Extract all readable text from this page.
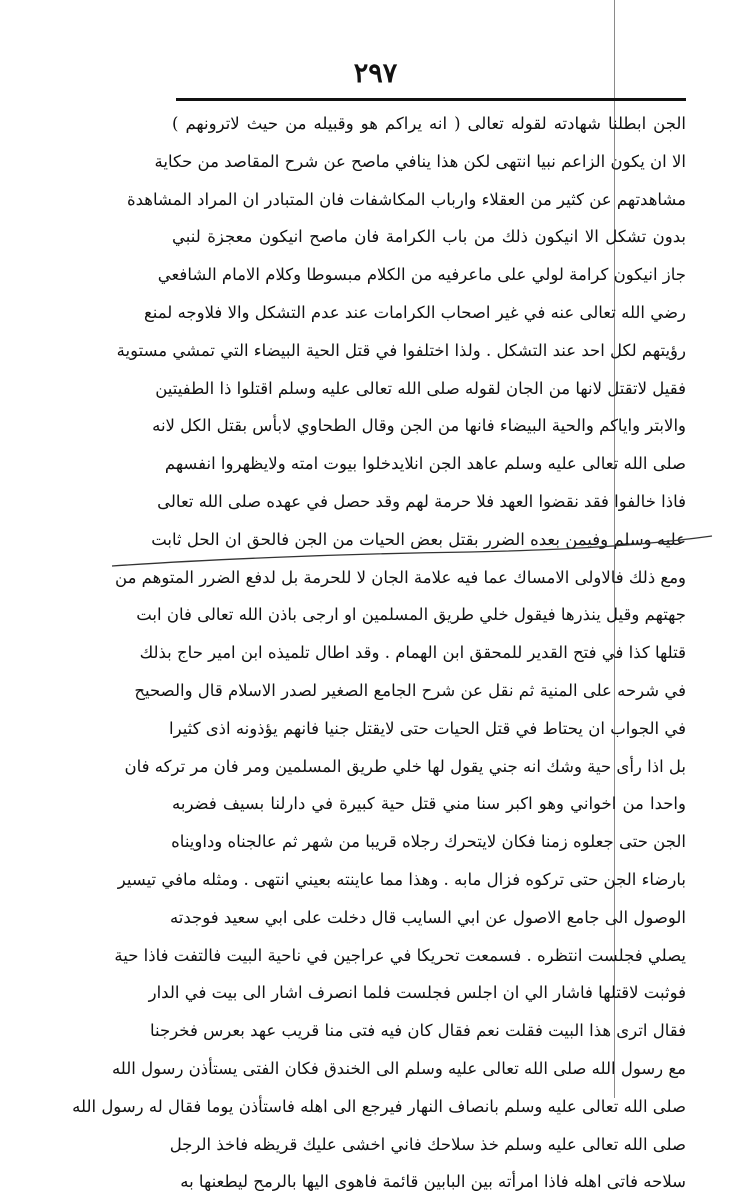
٢٩٧
الجن ابطلنا شهادته لقوله تعالى ( انه يراكم هو وقبيله من حيث لاترونهم )
الا ان يكون الزاعم نبيا انتهى لكن هذا ينافي ماصح عن شرح المقاصد من حكاية
مشاهدتهم عن كثير من العقلاء وارباب المكاشفات فان المتبادر ان المراد المشاهدة
بدون تشكل الا انيكون ذلك من باب الكرامة فان ماصح انيكون معجزة لنبي
جاز انيكون كرامة لولي على ماعرفيه من الكلام مبسوطا وكلام الامام الشافعي
رضي الله تعالى عنه في غير اصحاب الكرامات عند عدم التشكل والا فلاوجه لمنع
رؤيتهم لكل احد عند التشكل . ولذا اختلفوا في قتل الحية البيضاء التي تمشي مستوية
فقيل لاتقتل لانها من الجان لقوله صلى الله تعالى عليه وسلم اقتلوا ذا الطفيتين
والابتر واياكم والحية البيضاء فانها من الجن وقال الطحاوي لابأس بقتل الكل لانه
صلى الله تعالى عليه وسلم عاهد الجن انلايدخلوا بيوت امته ولايظهروا انفسهم
فاذا خالفوا فقد نقضوا العهد فلا حرمة لهم وقد حصل في عهده صلى الله تعالى
عليه وسلم وفيمن بعده الضرر بقتل بعض الحيات من الجن فالحق ان الحل ثابت
ومع ذلك فالاولى الامساك عما فيه علامة الجان لا للحرمة بل لدفع الضرر المتوهم من
جهتهم وقيل ينذرها فيقول خلي طريق المسلمين او ارجى باذن الله تعالى فان ابت
قتلها كذا في فتح القدير للمحقق ابن الهمام . وقد اطال تلميذه ابن امير حاج بذلك
في شرحه على المنية ثم نقل عن شرح الجامع الصغير لصدر الاسلام قال والصحيح
في الجواب ان يحتاط في قتل الحيات حتى لايقتل جنيا فانهم يؤذونه اذى كثيرا
بل اذا رأى حية وشك انه جني يقول لها خلي طريق المسلمين ومر فان مر تركه فان
واحدا من اخواني وهو اكبر سنا مني قتل حية كبيرة في دارلنا بسيف فضربه
الجن حتى جعلوه زمنا فكان لايتحرك رجلاه قريبا من شهر ثم عالجناه وداويناه
بارضاء الجن حتى تركوه فزال مابه . وهذا مما عاينته بعيني انتهى . ومثله مافي تيسير
الوصول الى جامع الاصول عن ابي السايب قال دخلت على ابي سعيد فوجدته
يصلي فجلست انتظره . فسمعت تحريكا في عراجين في ناحية البيت فالتفت فاذا حية
فوثبت لاقتلها فاشار الي ان اجلس فجلست فلما انصرف اشار الى بيت في الدار
فقال اترى هذا البيت فقلت نعم فقال كان فيه فتى منا قريب عهد بعرس فخرجنا
مع رسول الله صلى الله تعالى عليه وسلم الى الخندق فكان الفتى يستأذن رسول الله
صلى الله تعالى عليه وسلم بانصاف النهار فيرجع الى اهله فاستأذن يوما فقال له رسول الله
صلى الله تعالى عليه وسلم خذ سلاحك فاني اخشى عليك قريظه فاخذ الرجل
سلاحه فاتى اهله فاذا امرأته بين البابين قائمة فاهوى اليها بالرمح ليطعنها به
